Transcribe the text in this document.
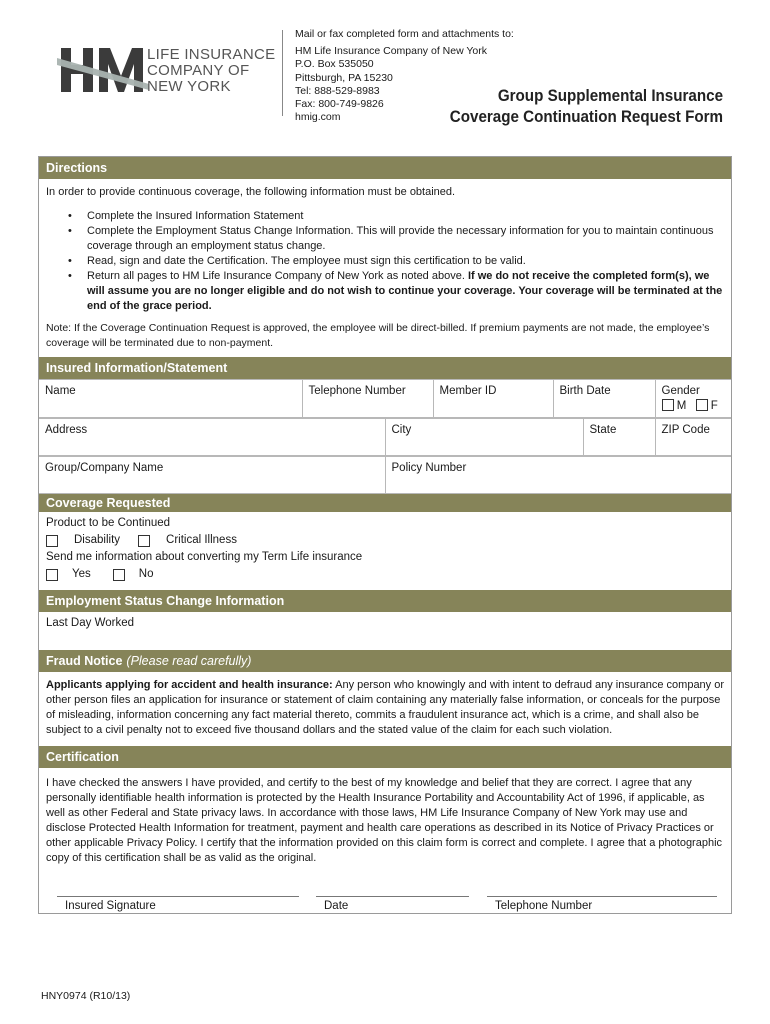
LIFE INSURANCE
COMPANY OF
NEW YORK
Mail or fax completed form and attachments to:
HM Life Insurance Company of New York
P.O. Box 535050
Pittsburgh, PA 15230
Tel: 888-529-8983
Fax: 800-749-9826
hmig.com
Group Supplemental Insurance
Coverage Continuation Request Form
Directions
In order to provide continuous coverage, the following information must be obtained.
• Complete the Insured Information Statement
• Complete the Employment Status Change Information. This will provide the necessary information for you to maintain continuous coverage through an employment status change.
• Read, sign and date the Certification. The employee must sign this certification to be valid.
• Return all pages to HM Life Insurance Company of New York as noted above. If we do not receive the completed form(s), we will assume you are no longer eligible and do not wish to continue your coverage. Your coverage will be terminated at the end of the grace period.
Note: If the Coverage Continuation Request is approved, the employee will be direct-billed. If premium payments are not made, the employee’s coverage will be terminated due to non-payment.
Insured Information/Statement
Name	Telephone Number	Member ID	Birth Date	Gender
M F
Address	City	State	ZIP Code
Group/Company Name	Policy Number
Coverage Requested
Product to be Continued
Disability	Critical Illness
Send me information about converting my Term Life insurance
Yes	No
Employment Status Change Information
Last Day Worked
Fraud Notice (Please read carefully)
Applicants applying for accident and health insurance: Any person who knowingly and with intent to defraud any insurance company or other person files an application for insurance or statement of claim containing any materially false information, or conceals for the purpose of misleading, information concerning any fact material thereto, commits a fraudulent insurance act, which is a crime, and shall also be subject to a civil penalty not to exceed five thousand dollars and the stated value of the claim for each such violation.
Certification
I have checked the answers I have provided, and certify to the best of my knowledge and belief that they are correct. I agree that any personally identifiable health information is protected by the Health Insurance Portability and Accountability Act of 1996, if applicable, as well as other Federal and State privacy laws. In accordance with those laws, HM Life Insurance Company of New York may use and disclose Protected Health Information for treatment, payment and health care operations as described in its Notice of Privacy Practices or other applicable Privacy Policy. I certify that the information provided on this claim form is correct and complete. I agree that a photographic copy of this certification shall be as valid as the original.
Insured Signature	Date	Telephone Number
HNY0974 (R10/13)
